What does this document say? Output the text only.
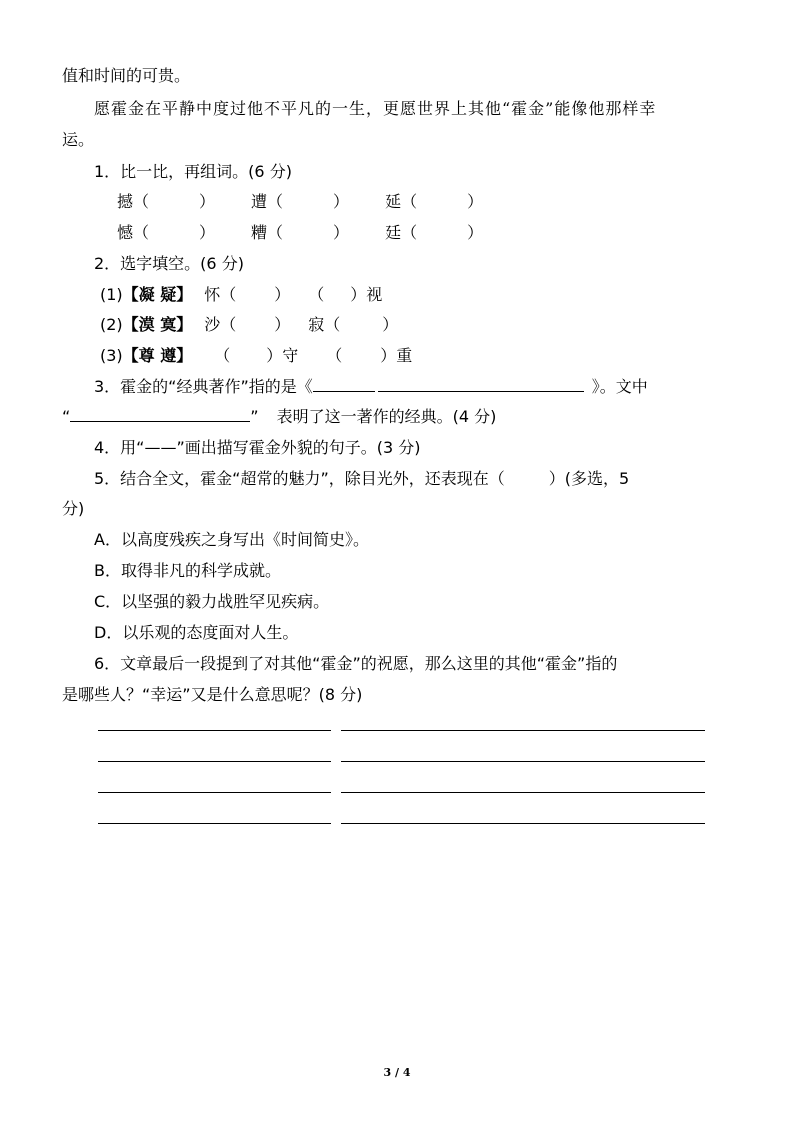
值和时间的可贵。
愿霍金在平静中度过他不平凡的一生，更愿世界上其他“霍金”能像他那样幸
运。
1．比一比，再组词。(6 分)
撼（	） 遭（	） 延（	）
憾（	） 糟（	） 廷（	）
2．选字填空。(6 分)
(1)【凝 疑】 怀（ ） （ ）视
(2)【漠 寞】 沙（ ） 寂（	）
(3)【尊 遵】 （ ）守 （ ）重
3．霍金的“经典著作”指的是《	》。文中
“	” 表明了这一著作的经典。(4 分)
4．用“——”画出描写霍金外貌的句子。(3 分)
5．结合全文，霍金“超常的魅力”，除目光外，还表现在（	）(多选，5
分)
A．以高度残疾之身写出《时间简史》。
B．取得非凡的科学成就。
C．以坚强的毅力战胜罕见疾病。
D．以乐观的态度面对人生。
6．文章最后一段提到了对其他“霍金”的祝愿，那么这里的其他“霍金”指的
是哪些人？“幸运”又是什么意思呢？(8 分)
3 / 4
